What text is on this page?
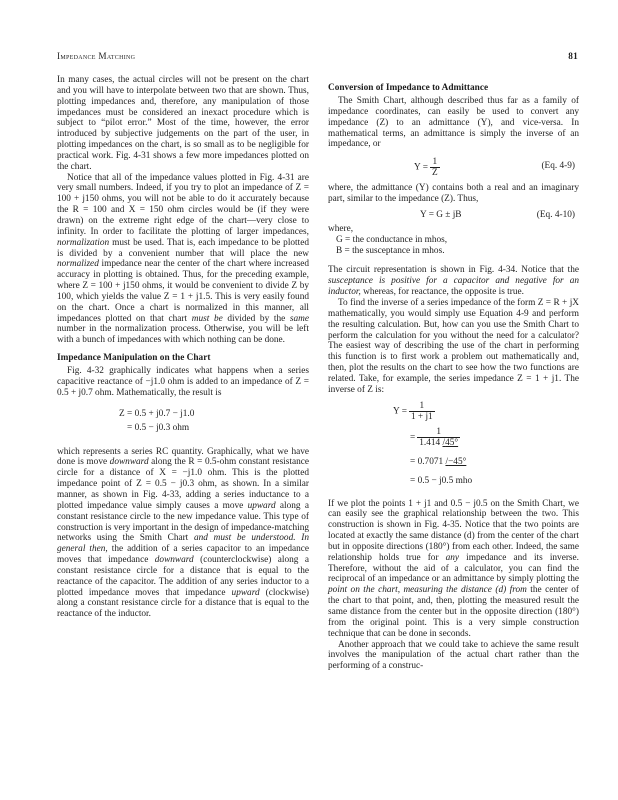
Impedance Matching	81

In many cases, the actual circles will not be present on the chart and you will have to interpolate between two that are shown. Thus, plotting impedances and, therefore, any manipulation of those impedances must be considered an inexact procedure which is subject to “pilot error.” Most of the time, however, the error introduced by subjective judgements on the part of the user, in plotting impedances on the chart, is so small as to be negligible for practical work. Fig. 4-31 shows a few more impedances plotted on the chart.

Notice that all of the impedance values plotted in Fig. 4-31 are very small numbers. Indeed, if you try to plot an impedance of Z = 100 + j150 ohms, you will not be able to do it accurately because the R = 100 and X = 150 ohm circles would be (if they were drawn) on the extreme right edge of the chart—very close to infinity. In order to facilitate the plotting of larger impedances, normalization must be used. That is, each impedance to be plotted is divided by a convenient number that will place the new normalized impedance near the center of the chart where increased accuracy in plotting is obtained. Thus, for the preceding example, where Z = 100 + j150 ohms, it would be convenient to divide Z by 100, which yields the value Z = 1 + j1.5. This is very easily found on the chart. Once a chart is normalized in this manner, all impedances plotted on that chart must be divided by the same number in the normalization process. Otherwise, you will be left with a bunch of impedances with which nothing can be done.

Impedance Manipulation on the Chart

Fig. 4-32 graphically indicates what happens when a series capacitive reactance of −j1.0 ohm is added to an impedance of Z = 0.5 + j0.7 ohm. Mathematically, the result is

Z = 0.5 + j0.7 − j1.0
= 0.5 − j0.3 ohm

which represents a series RC quantity. Graphically, what we have done is move downward along the R = 0.5-ohm constant resistance circle for a distance of X = −j1.0 ohm. This is the plotted impedance point of Z = 0.5 − j0.3 ohm, as shown. In a similar manner, as shown in Fig. 4-33, adding a series inductance to a plotted impedance value simply causes a move upward along a constant resistance circle to the new impedance value. This type of construction is very important in the design of impedance-matching networks using the Smith Chart and must be understood. In general then, the addition of a series capacitor to an impedance moves that impedance downward (counterclockwise) along a constant resistance circle for a distance that is equal to the reactance of the capacitor. The addition of any series inductor to a plotted impedance moves that impedance upward (clockwise) along a constant resistance circle for a distance that is equal to the reactance of the inductor.

Conversion of Impedance to Admittance

The Smith Chart, although described thus far as a family of impedance coordinates, can easily be used to convert any impedance (Z) to an admittance (Y), and vice-versa. In mathematical terms, an admittance is simply the inverse of an impedance, or

$Y = \frac{1}{Z}$	(Eq. 4-9)

where, the admittance (Y) contains both a real and an imaginary part, similar to the impedance (Z). Thus,

Y = G ± jB	(Eq. 4-10)
where,
G = the conductance in mhos,
B = the susceptance in mhos.

The circuit representation is shown in Fig. 4-34. Notice that the susceptance is positive for a capacitor and negative for an inductor, whereas, for reactance, the opposite is true.

To find the inverse of a series impedance of the form Z = R + jX mathematically, you would simply use Equation 4-9 and perform the resulting calculation. But, how can you use the Smith Chart to perform the calculation for you without the need for a calculator? The easiest way of describing the use of the chart in performing this function is to first work a problem out mathematically and, then, plot the results on the chart to see how the two functions are related. Take, for example, the series impedance Z = 1 + j1. The inverse of Z is:

$Y = \frac{1}{1 + j1}$
= $\frac{1}{1.414 /45^\circ}$
= 0.7071 /−45°
= 0.5 − j0.5 mho

If we plot the points 1 + j1 and 0.5 − j0.5 on the Smith Chart, we can easily see the graphical relationship between the two. This construction is shown in Fig. 4-35. Notice that the two points are located at exactly the same distance (d) from the center of the chart but in opposite directions (180°) from each other. Indeed, the same relationship holds true for any impedance and its inverse. Therefore, without the aid of a calculator, you can find the reciprocal of an impedance or an admittance by simply plotting the point on the chart, measuring the distance (d) from the center of the chart to that point, and, then, plotting the measured result the same distance from the center but in the opposite direction (180°) from the original point. This is a very simple construction technique that can be done in seconds.

Another approach that we could take to achieve the same result involves the manipulation of the actual chart rather than the performing of a construc-
